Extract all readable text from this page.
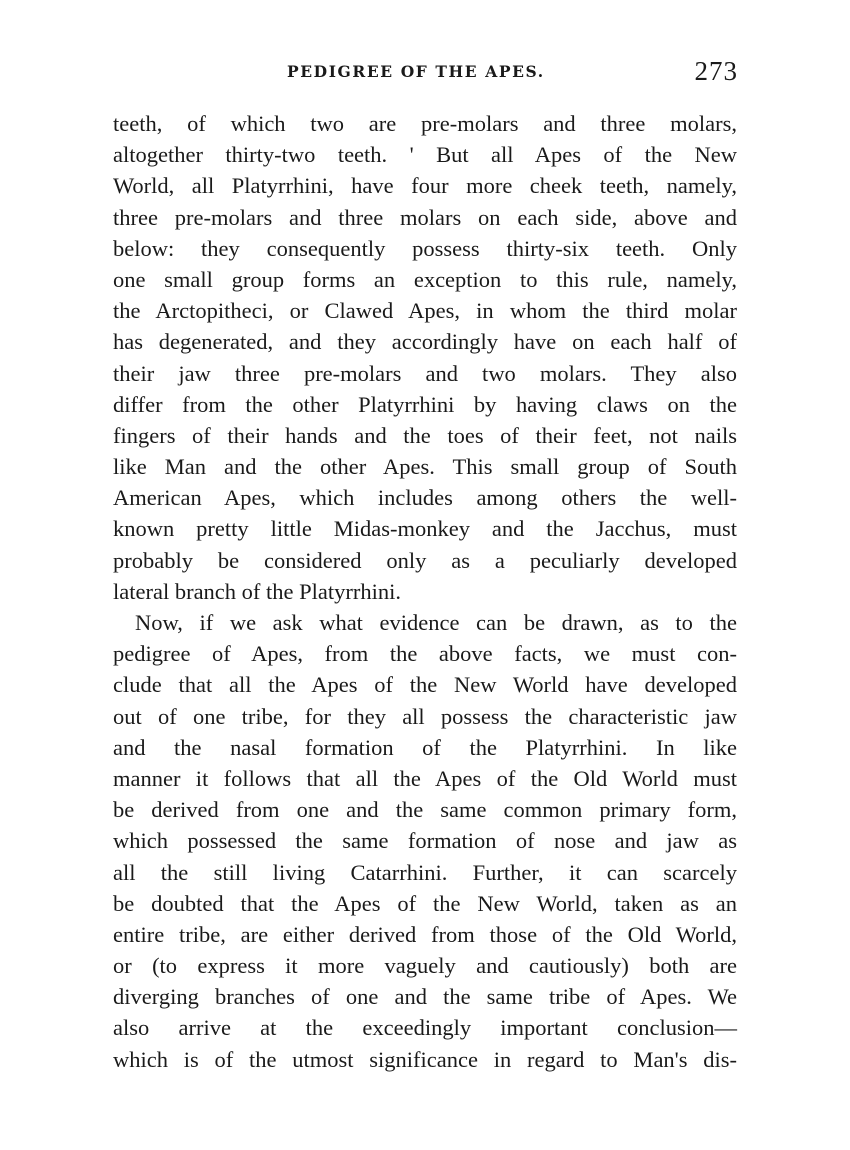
PEDIGREE OF THE APES.	273
teeth, of which two are pre-molars and three molars,
altogether thirty-two teeth. ' But all Apes of the New
World, all Platyrrhini, have four more cheek teeth, namely,
three pre-molars and three molars on each side, above and
below: they consequently possess thirty-six teeth. Only
one small group forms an exception to this rule, namely,
the Arctopitheci, or Clawed Apes, in whom the third molar
has degenerated, and they accordingly have on each half of
their jaw three pre-molars and two molars. They also
differ from the other Platyrrhini by having claws on the
fingers of their hands and the toes of their feet, not nails
like Man and the other Apes. This small group of South
American Apes, which includes among others the well-
known pretty little Midas-monkey and the Jacchus, must
probably be considered only as a peculiarly developed
lateral branch of the Platyrrhini.
Now, if we ask what evidence can be drawn, as to the
pedigree of Apes, from the above facts, we must con-
clude that all the Apes of the New World have developed
out of one tribe, for they all possess the characteristic jaw
and the nasal formation of the Platyrrhini. In like
manner it follows that all the Apes of the Old World must
be derived from one and the same common primary form,
which possessed the same formation of nose and jaw as
all the still living Catarrhini. Further, it can scarcely
be doubted that the Apes of the New World, taken as an
entire tribe, are either derived from those of the Old World,
or (to express it more vaguely and cautiously) both are
diverging branches of one and the same tribe of Apes. We
also arrive at the exceedingly important conclusion—
which is of the utmost significance in regard to Man's dis-
